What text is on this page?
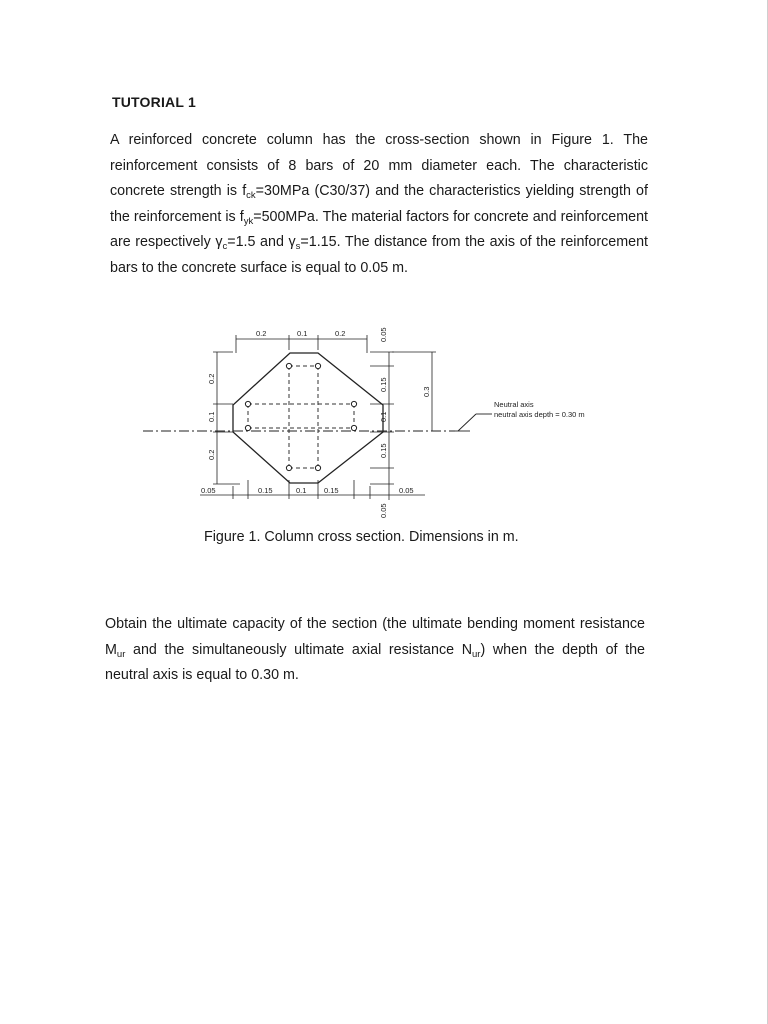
TUTORIAL 1
A reinforced concrete column has the cross-section shown in Figure 1. The reinforcement consists of 8 bars of 20 mm diameter each. The characteristic concrete strength is $f_{ck}=30MPa$ (C30/37) and the characteristics yielding strength of the reinforcement is $f_{yk}=500MPa$. The material factors for concrete and reinforcement are respectively $\gamma_c=1.5$ and $\gamma_s=1.15$. The distance from the axis of the reinforcement bars to the concrete surface is equal to 0.05 m.
0.2	0.1	0.2
0.2
0.1
0.2
0.05
0.15
0.1
0.15
0.05
0.3
0.05	0.15	0.1 0.15	0.05
Neutral axis
neutral axis depth = 0.30 m
Figure 1. Column cross section. Dimensions in m.
Obtain the ultimate capacity of the section (the ultimate bending moment resistance $M_{ur}$ and the simultaneously ultimate axial resistance $N_{ur}$) when the depth of the neutral axis is equal to 0.30 m.
